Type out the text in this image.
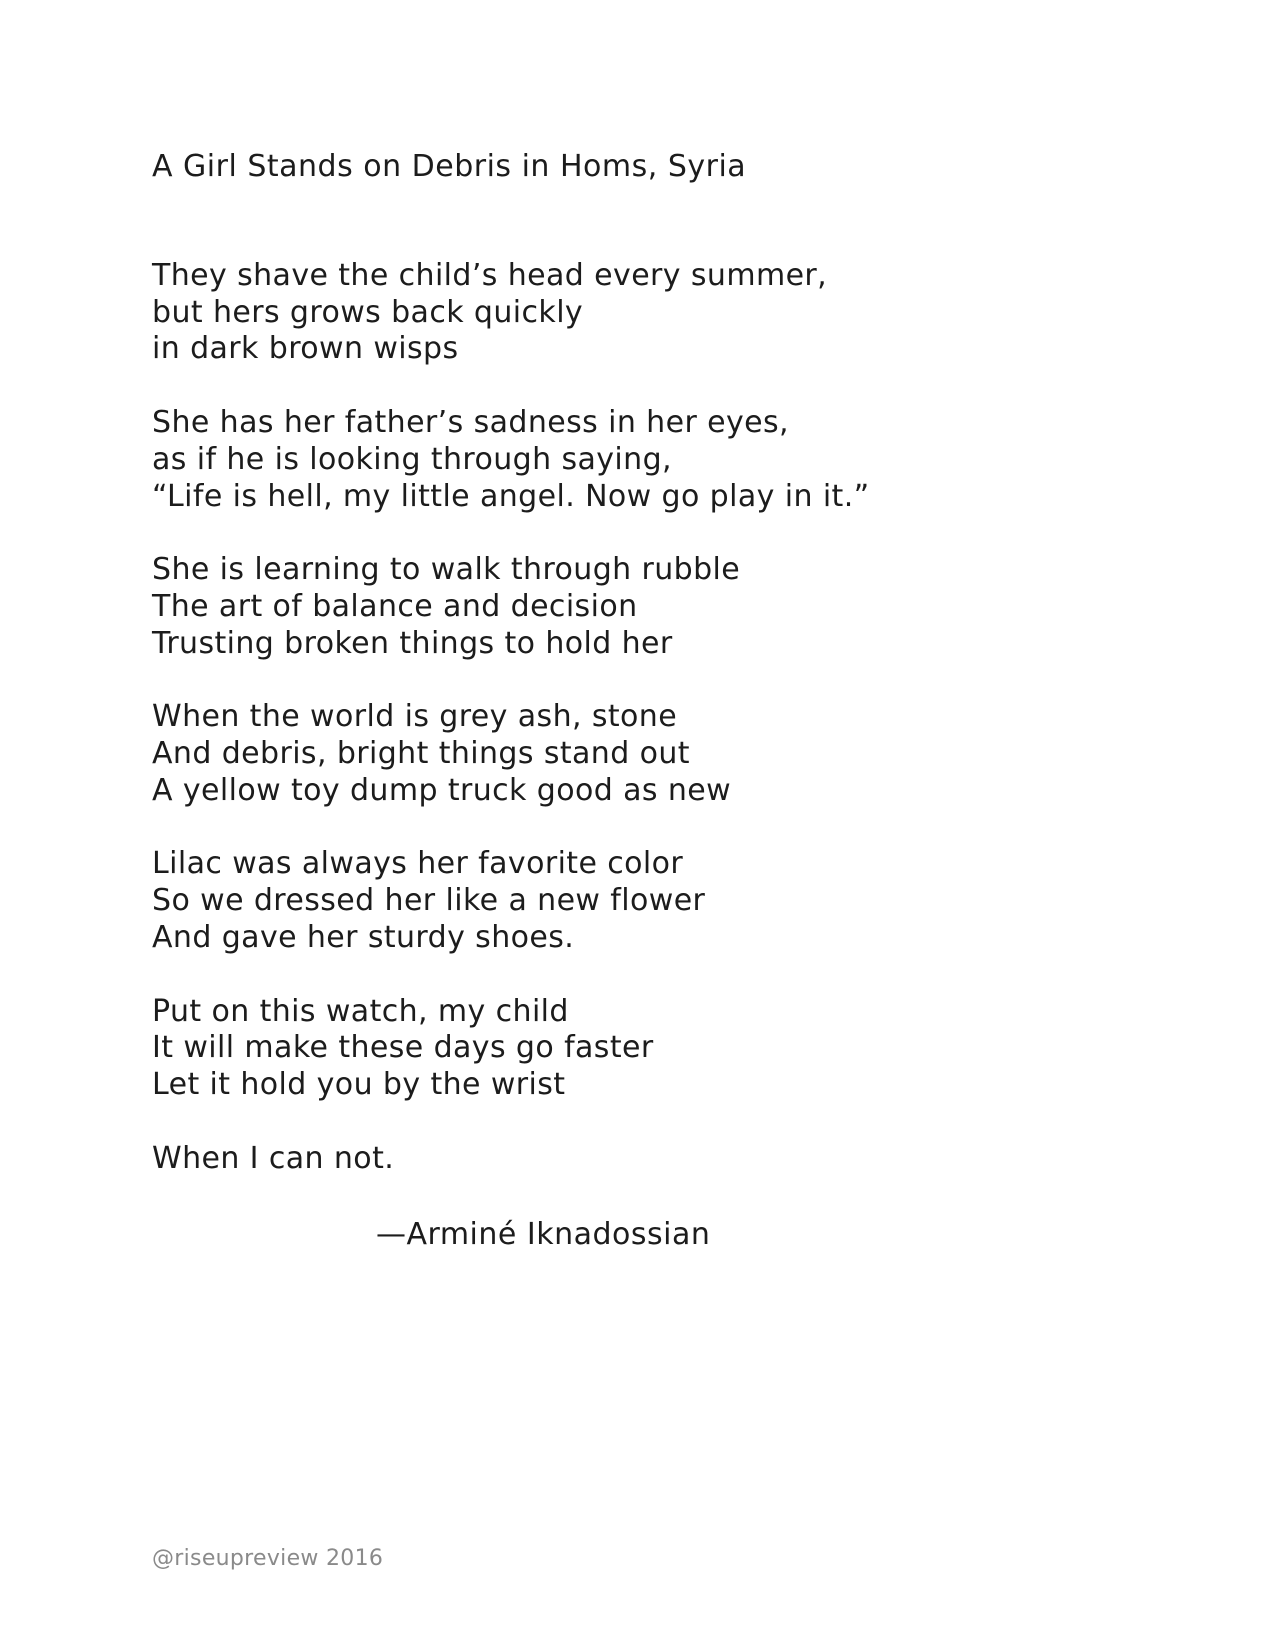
A Girl Stands on Debris in Homs, Syria
They shave the child’s head every summer,
but hers grows back quickly
in dark brown wisps
She has her father’s sadness in her eyes,
as if he is looking through saying,
“Life is hell, my little angel. Now go play in it.”
She is learning to walk through rubble
The art of balance and decision
Trusting broken things to hold her
When the world is grey ash, stone
And debris, bright things stand out
A yellow toy dump truck good as new
Lilac was always her favorite color
So we dressed her like a new flower
And gave her sturdy shoes.
Put on this watch, my child
It will make these days go faster
Let it hold you by the wrist
When I can not.
—Arminé Iknadossian
@riseupreview 2016
